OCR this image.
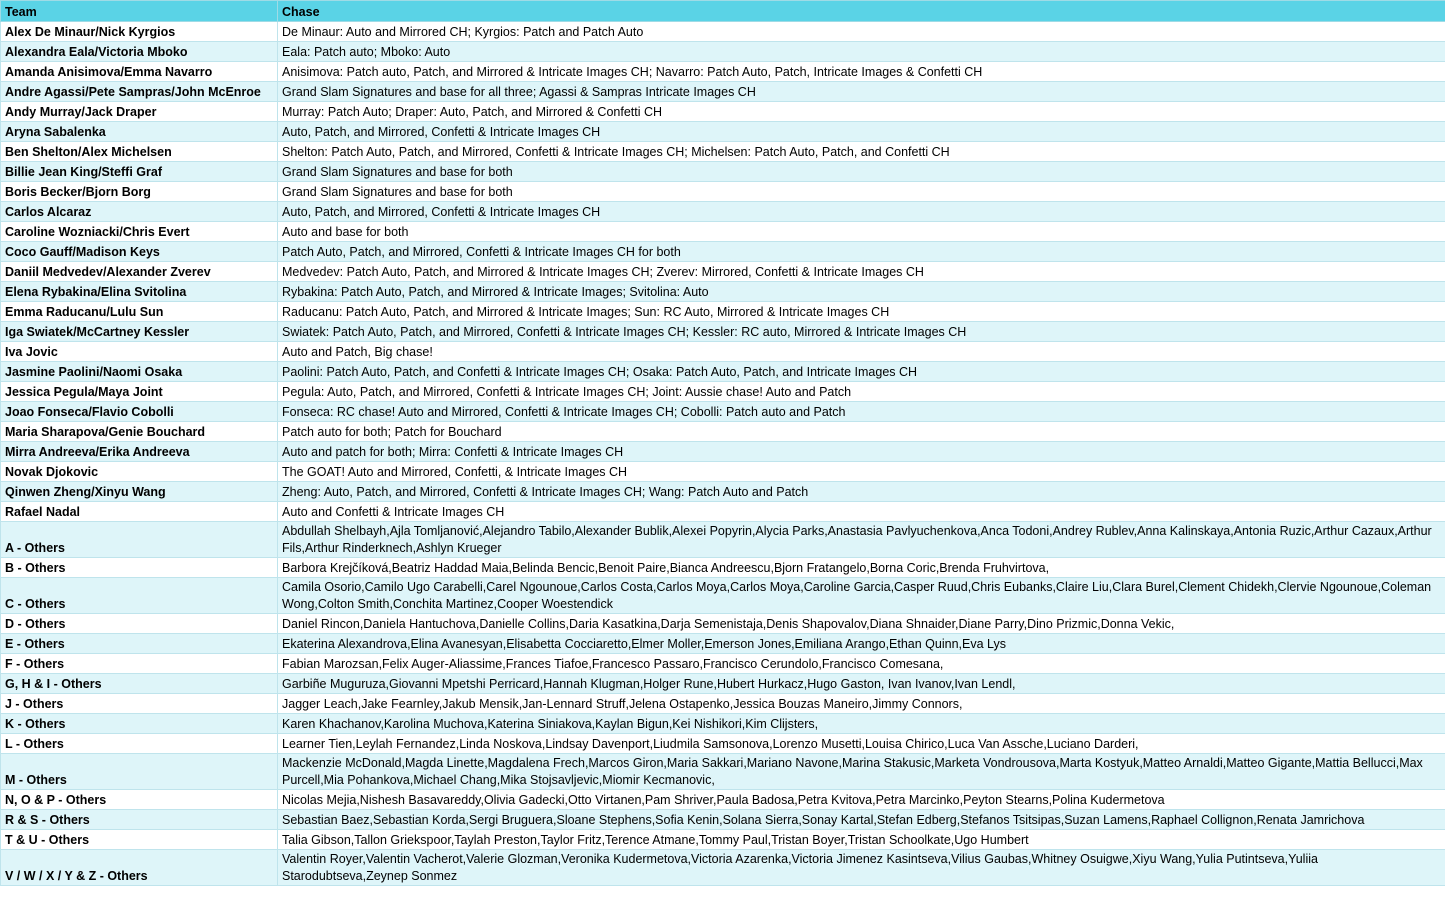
Team	Chase
Alex De Minaur/Nick Kyrgios	De Minaur: Auto and Mirrored CH; Kyrgios: Patch and Patch Auto
Alexandra Eala/Victoria Mboko	Eala: Patch auto; Mboko: Auto
Amanda Anisimova/Emma Navarro	Anisimova: Patch auto, Patch, and Mirrored & Intricate Images CH; Navarro: Patch Auto, Patch, Intricate Images & Confetti CH
Andre Agassi/Pete Sampras/John McEnroe	Grand Slam Signatures and base for all three; Agassi & Sampras Intricate Images CH
Andy Murray/Jack Draper	Murray: Patch Auto; Draper: Auto, Patch, and Mirrored & Confetti CH
Aryna Sabalenka	Auto, Patch, and Mirrored, Confetti & Intricate Images CH
Ben Shelton/Alex Michelsen	Shelton: Patch Auto, Patch, and Mirrored, Confetti & Intricate Images CH; Michelsen: Patch Auto, Patch, and Confetti CH
Billie Jean King/Steffi Graf	Grand Slam Signatures and base for both
Boris Becker/Bjorn Borg	Grand Slam Signatures and base for both
Carlos Alcaraz	Auto, Patch, and Mirrored, Confetti & Intricate Images CH
Caroline Wozniacki/Chris Evert	Auto and base for both
Coco Gauff/Madison Keys	Patch Auto, Patch, and Mirrored, Confetti & Intricate Images CH for both
Daniil Medvedev/Alexander Zverev	Medvedev: Patch Auto, Patch, and Mirrored & Intricate Images CH; Zverev: Mirrored, Confetti & Intricate Images CH
Elena Rybakina/Elina Svitolina	Rybakina: Patch Auto, Patch, and Mirrored & Intricate Images; Svitolina: Auto
Emma Raducanu/Lulu Sun	Raducanu: Patch Auto, Patch, and Mirrored & Intricate Images; Sun: RC Auto, Mirrored & Intricate Images CH
Iga Swiatek/McCartney Kessler	Swiatek: Patch Auto, Patch, and Mirrored, Confetti & Intricate Images CH; Kessler: RC auto, Mirrored & Intricate Images CH
Iva Jovic	Auto and Patch, Big chase!
Jasmine Paolini/Naomi Osaka	Paolini: Patch Auto, Patch, and Confetti & Intricate Images CH; Osaka: Patch Auto, Patch, and Intricate Images CH
Jessica Pegula/Maya Joint	Pegula: Auto, Patch, and Mirrored, Confetti & Intricate Images CH; Joint: Aussie chase! Auto and Patch
Joao Fonseca/Flavio Cobolli	Fonseca: RC chase! Auto and Mirrored, Confetti & Intricate Images CH; Cobolli: Patch auto and Patch
Maria Sharapova/Genie Bouchard	Patch auto for both; Patch for Bouchard
Mirra Andreeva/Erika Andreeva	Auto and patch for both; Mirra: Confetti & Intricate Images CH
Novak Djokovic	The GOAT! Auto and Mirrored, Confetti, & Intricate Images CH
Qinwen Zheng/Xinyu Wang	Zheng: Auto, Patch, and Mirrored, Confetti & Intricate Images CH; Wang: Patch Auto and Patch
Rafael Nadal	Auto and Confetti & Intricate Images CH
A - Others	Abdullah Shelbayh,Ajla Tomljanović,Alejandro Tabilo,Alexander Bublik,Alexei Popyrin,Alycia Parks,Anastasia Pavlyuchenkova,Anca Todoni,Andrey Rublev,Anna Kalinskaya,Antonia Ruzic,Arthur Cazaux,Arthur Fils,Arthur Rinderknech,Ashlyn Krueger
B - Others	Barbora Krejčíková,Beatriz Haddad Maia,Belinda Bencic,Benoit Paire,Bianca Andreescu,Bjorn Fratangelo,Borna Coric,Brenda Fruhvirtova,
C - Others	Camila Osorio,Camilo Ugo Carabelli,Carel Ngounoue,Carlos Costa,Carlos Moya,Carlos Moya,Caroline Garcia,Casper Ruud,Chris Eubanks,Claire Liu,Clara Burel,Clement Chidekh,Clervie Ngounoue,Coleman Wong,Colton Smith,Conchita Martinez,Cooper Woestendick
D - Others	Daniel Rincon,Daniela Hantuchova,Danielle Collins,Daria Kasatkina,Darja Semenistaja,Denis Shapovalov,Diana Shnaider,Diane Parry,Dino Prizmic,Donna Vekic,
E - Others	Ekaterina Alexandrova,Elina Avanesyan,Elisabetta Cocciaretto,Elmer Moller,Emerson Jones,Emiliana Arango,Ethan Quinn,Eva Lys
F - Others	Fabian Marozsan,Felix Auger-Aliassime,Frances Tiafoe,Francesco Passaro,Francisco Cerundolo,Francisco Comesana,
G, H & I - Others	Garbiñe Muguruza,Giovanni Mpetshi Perricard,Hannah Klugman,Holger Rune,Hubert Hurkacz,Hugo Gaston, Ivan Ivanov,Ivan Lendl,
J - Others	Jagger Leach,Jake Fearnley,Jakub Mensik,Jan-Lennard Struff,Jelena Ostapenko,Jessica Bouzas Maneiro,Jimmy Connors,
K - Others	Karen Khachanov,Karolina Muchova,Katerina Siniakova,Kaylan Bigun,Kei Nishikori,Kim Clijsters,
L - Others	Learner Tien,Leylah Fernandez,Linda Noskova,Lindsay Davenport,Liudmila Samsonova,Lorenzo Musetti,Louisa Chirico,Luca Van Assche,Luciano Darderi,
M - Others	Mackenzie McDonald,Magda Linette,Magdalena Frech,Marcos Giron,Maria Sakkari,Mariano Navone,Marina Stakusic,Marketa Vondrousova,Marta Kostyuk,Matteo Arnaldi,Matteo Gigante,Mattia Bellucci,Max Purcell,Mia Pohankova,Michael Chang,Mika Stojsavljevic,Miomir Kecmanovic,
N, O & P - Others	Nicolas Mejia,Nishesh Basavareddy,Olivia Gadecki,Otto Virtanen,Pam Shriver,Paula Badosa,Petra Kvitova,Petra Marcinko,Peyton Stearns,Polina Kudermetova
R & S - Others	Sebastian Baez,Sebastian Korda,Sergi Bruguera,Sloane Stephens,Sofia Kenin,Solana Sierra,Sonay Kartal,Stefan Edberg,Stefanos Tsitsipas,Suzan Lamens,Raphael Collignon,Renata Jamrichova
T & U - Others	Talia Gibson,Tallon Griekspoor,Taylah Preston,Taylor Fritz,Terence Atmane,Tommy Paul,Tristan Boyer,Tristan Schoolkate,Ugo Humbert
V / W / X / Y & Z - Others	Valentin Royer,Valentin Vacherot,Valerie Glozman,Veronika Kudermetova,Victoria Azarenka,Victoria Jimenez Kasintseva,Vilius Gaubas,Whitney Osuigwe,Xiyu Wang,Yulia Putintseva,Yuliia Starodubtseva,Zeynep Sonmez
